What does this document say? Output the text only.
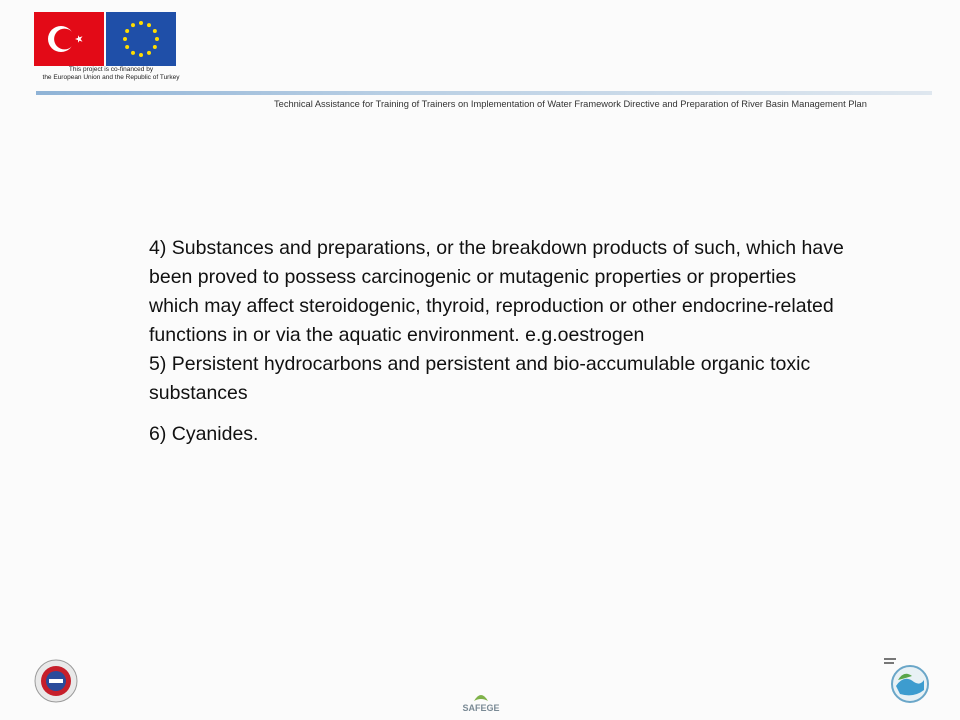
This project is co-financed by
the European Union and the Republic of Turkey
Technical Assistance for Training of Trainers on Implementation of Water Framework Directive and Preparation of River Basin Management Plan

4) Substances and preparations, or the breakdown products of such, which have been proved to possess carcinogenic or mutagenic properties or properties which may affect steroidogenic, thyroid, reproduction or other endocrine-related functions in or via the aquatic environment. e.g.oestrogen

5) Persistent hydrocarbons and persistent and bio-accumulable organic toxic substances

6) Cyanides.

SAFEGE
